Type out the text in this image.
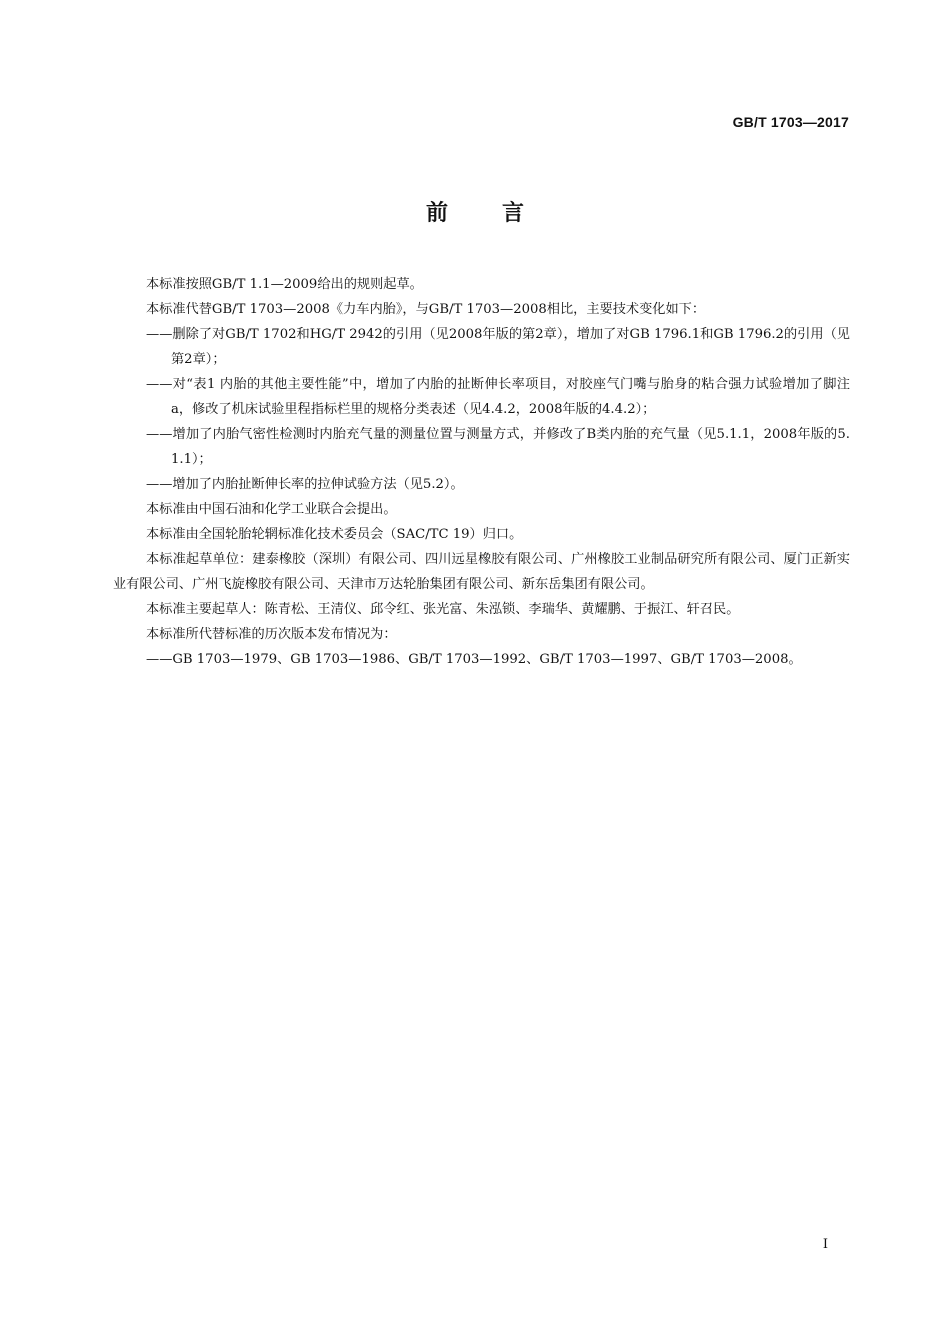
GB/T 1703—2017
前 言

本标准按照GB/T 1.1—2009给出的规则起草。

本标准代替GB/T 1703—2008《力车内胎》，与GB/T 1703—2008相比，主要技术变化如下：

——删除了对GB/T 1702和HG/T 2942的引用（见2008年版的第2章），增加了对GB 1796.1和GB 1796.2的引用（见第2章）；

——对“表1 内胎的其他主要性能”中，增加了内胎的扯断伸长率项目，对胶座气门嘴与胎身的粘合强力试验增加了脚注a，修改了机床试验里程指标栏里的规格分类表述（见4.4.2，2008年版的4.4.2）；

——增加了内胎气密性检测时内胎充气量的测量位置与测量方式，并修改了B类内胎的充气量（见5.1.1，2008年版的5.1.1）；

——增加了内胎扯断伸长率的拉伸试验方法（见5.2）。

本标准由中国石油和化学工业联合会提出。

本标准由全国轮胎轮辋标准化技术委员会（SAC/TC 19）归口。

本标准起草单位：建泰橡胶（深圳）有限公司、四川远星橡胶有限公司、广州橡胶工业制品研究所有限公司、厦门正新实业有限公司、广州飞旋橡胶有限公司、天津市万达轮胎集团有限公司、新东岳集团有限公司。

本标准主要起草人：陈青松、王清仪、邱令红、张光富、朱泓锁、李瑞华、黄耀鹏、于振江、轩召民。

本标准所代替标准的历次版本发布情况为：

——GB 1703—1979、GB 1703—1986、GB/T 1703—1992、GB/T 1703—1997、GB/T 1703—2008。

I
